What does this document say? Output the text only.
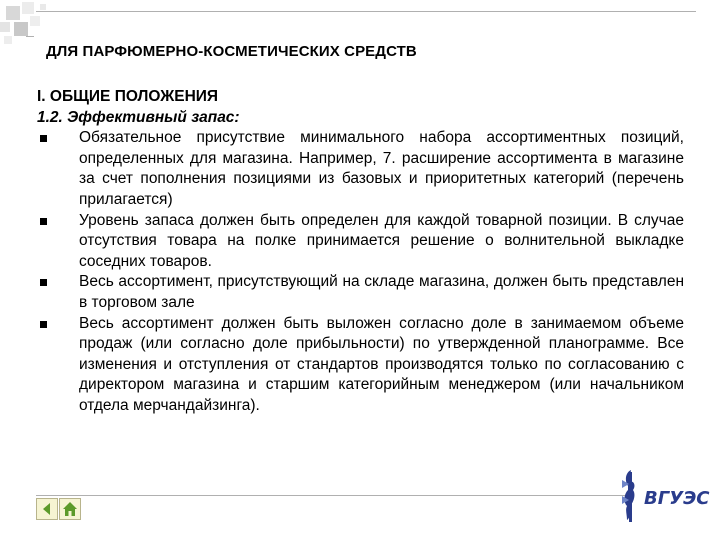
ДЛЯ ПАРФЮМЕРНО-КОСМЕТИЧЕСКИХ СРЕДСТВ
I. ОБЩИЕ ПОЛОЖЕНИЯ
1.2. Эффективный запас:
Обязательное присутствие минимального набора ассортиментных позиций, определенных для магазина. Например, 7. расширение ассортимента в магазине за счет пополнения позициями из базовых и приоритетных категорий (перечень прилагается)
Уровень запаса должен быть определен для каждой товарной позиции. В случае отсутствия товара на полке принимается решение о волнительной выкладке соседних товаров.
Весь ассортимент, присутствующий на складе магазина, должен быть представлен в торговом зале
Весь ассортимент должен быть выложен согласно доле в занимаемом объеме продаж (или согласно доле прибыльности) по утвержденной планограмме. Все изменения и отступления от стандартов производятся только по согласованию с директором магазина и старшим категорийным менеджером (или начальником отдела мерчандайзинга).
ВГУЭС
